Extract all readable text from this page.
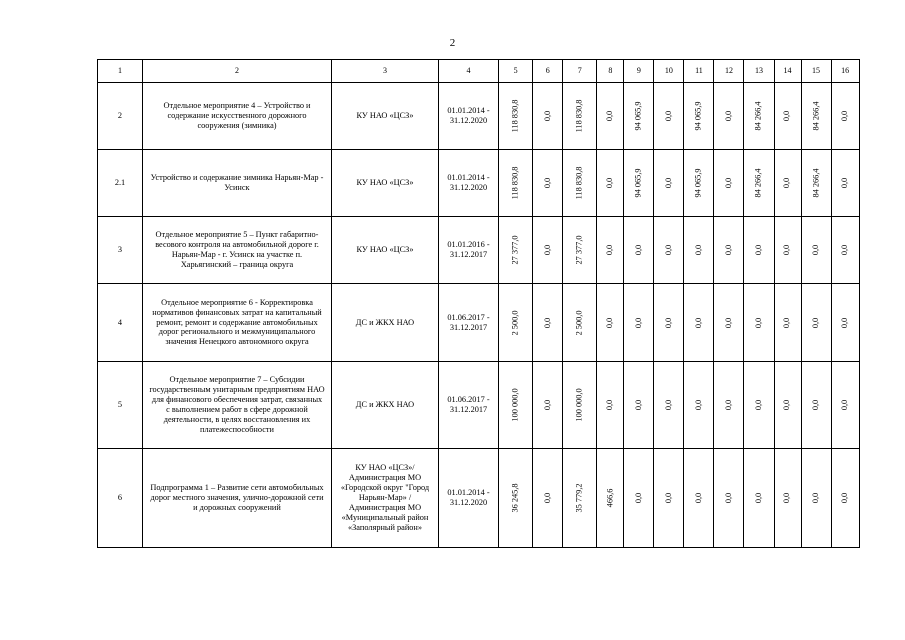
2
1	2	3	4	5	6	7	8	9	10	11	12	13	14	15	16
2	Отдельное мероприятие 4 – Устройство и содержание искусственного дорожного сооружения (зимника)	КУ НАО «ЦСЗ»	01.01.2014 - 31.12.2020	118 830,8	0,0	118 830,8	0,0	94 065,9	0,0	94 065,9	0,0	84 266,4	0,0	84 266,4	0,0
2.1	Устройство и содержание зимника Нарьян-Мар - Усинск	КУ НАО «ЦСЗ»	01.01.2014 - 31.12.2020	118 830,8	0,0	118 830,8	0,0	94 065,9	0,0	94 065,9	0,0	84 266,4	0,0	84 266,4	0,0
3	Отдельное мероприятие 5 – Пункт габаритно-весового контроля на автомобильной дороге г. Нарьян-Мар - г. Усинск на участке п. Харьягинский – граница округа	КУ НАО «ЦСЗ»	01.01.2016 - 31.12.2017	27 377,0	0,0	27 377,0	0,0	0,0	0,0	0,0	0,0	0,0	0,0	0,0	0,0
4	Отдельное мероприятие 6 - Корректировка нормативов финансовых затрат на капитальный ремонт, ремонт и содержание автомобильных дорог регионального и межмуниципального значения Ненецкого автономного округа	ДС и ЖКХ НАО	01.06.2017 - 31.12.2017	2 500,0	0,0	2 500,0	0,0	0,0	0,0	0,0	0,0	0,0	0,0	0,0	0,0
5	Отдельное мероприятие 7 – Субсидии государственным унитарным предприятиям НАО для финансового обеспечения затрат, связанных с выполнением работ в сфере дорожной деятельности, в целях восстановления их платежеспособности	ДС и ЖКХ НАО	01.06.2017 - 31.12.2017	100 000,0	0,0	100 000,0	0,0	0,0	0,0	0,0	0,0	0,0	0,0	0,0	0,0
6	Подпрограмма 1 – Развитие сети автомобильных дорог местного значения, улично-дорожной сети и дорожных сооружений	КУ НАО «ЦСЗ»/ Администрация МО «Городской округ "Город Нарьян-Мар» / Администрация МО «Муниципальный район «Заполярный район»	01.01.2014 - 31.12.2020	36 245,8	0,0	35 779,2	466,6	0,0	0,0	0,0	0,0	0,0	0,0	0,0	0,0
